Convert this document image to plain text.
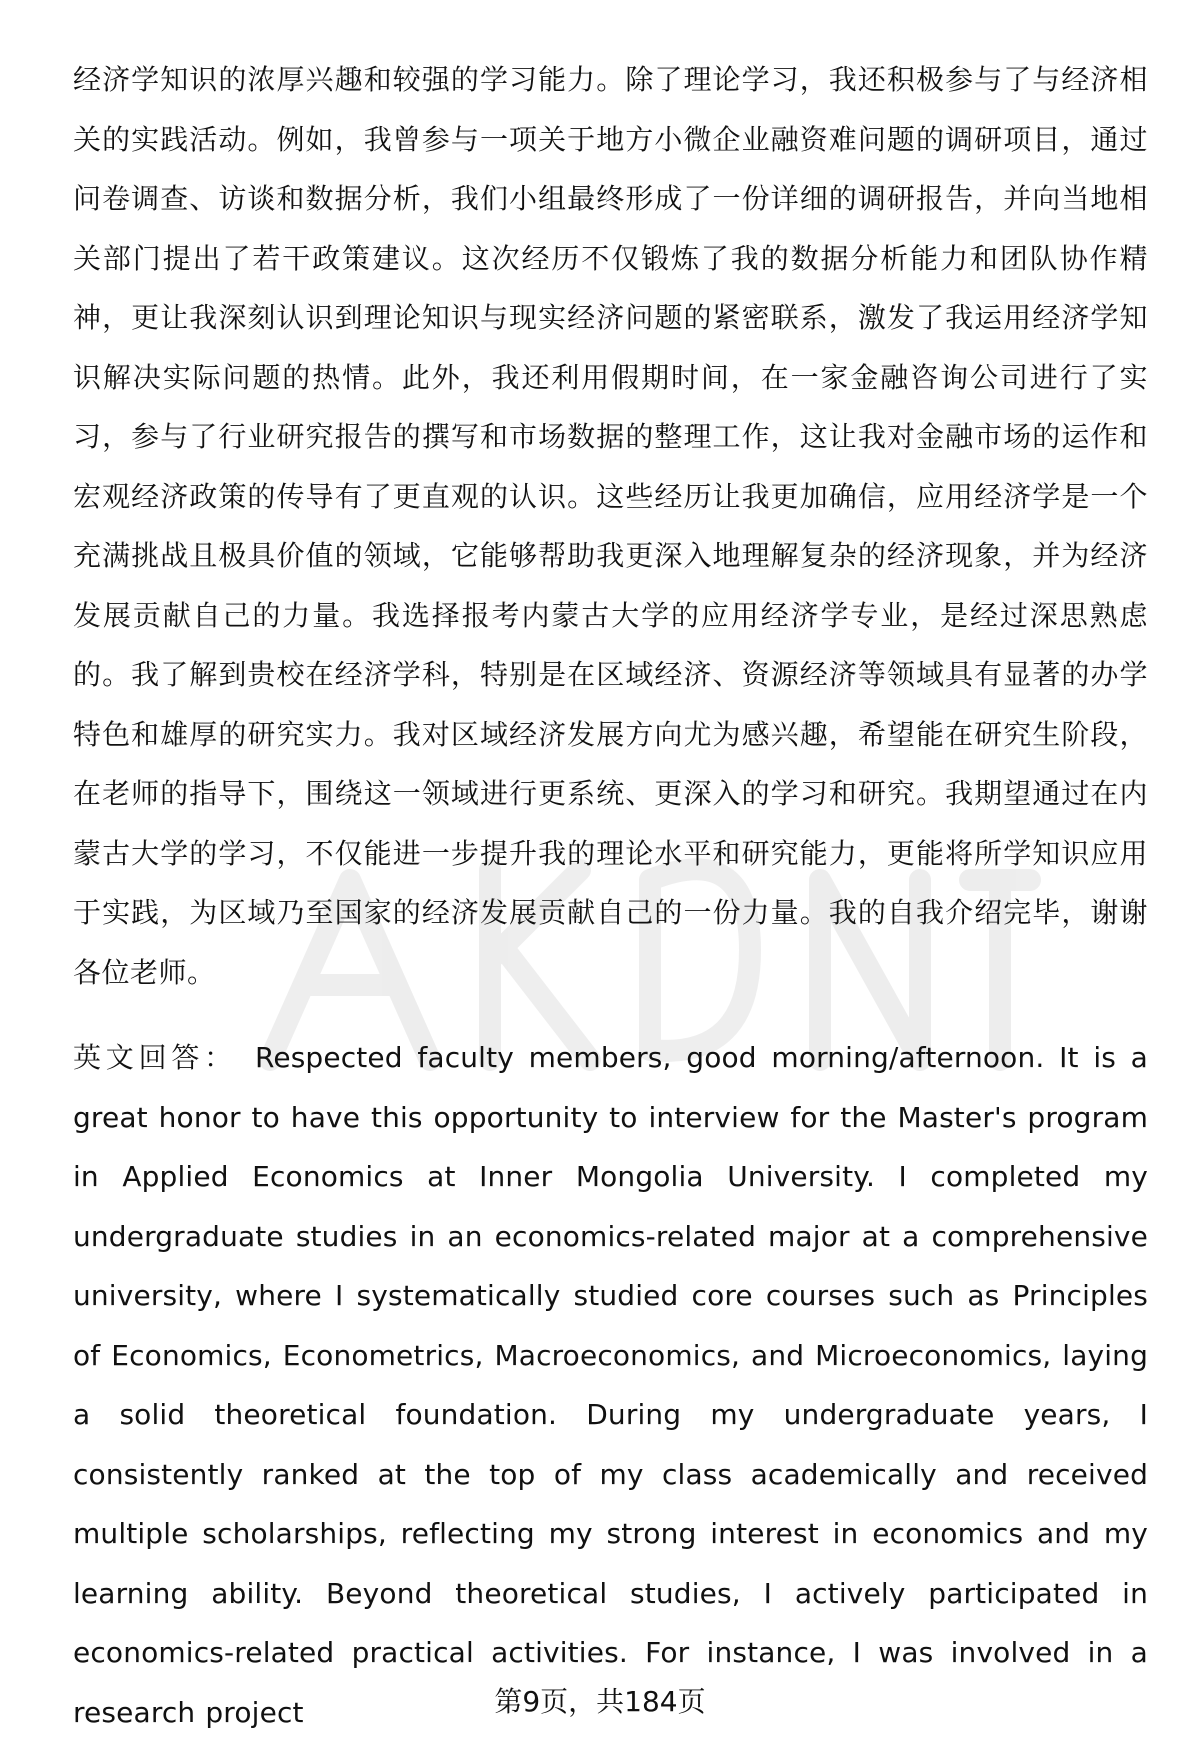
经济学知识的浓厚兴趣和较强的学习能力。除了理论学习，我还积极参与了与经济相关的实践活动。例如，我曾参与一项关于地方小微企业融资难问题的调研项目，通过问卷调查、访谈和数据分析，我们小组最终形成了一份详细的调研报告，并向当地相关部门提出了若干政策建议。这次经历不仅锻炼了我的数据分析能力和团队协作精神，更让我深刻认识到理论知识与现实经济问题的紧密联系，激发了我运用经济学知识解决实际问题的热情。此外，我还利用假期时间，在一家金融咨询公司进行了实习，参与了行业研究报告的撰写和市场数据的整理工作，这让我对金融市场的运作和宏观经济政策的传导有了更直观的认识。这些经历让我更加确信，应用经济学是一个充满挑战且极具价值的领域，它能够帮助我更深入地理解复杂的经济现象，并为经济发展贡献自己的力量。我选择报考内蒙古大学的应用经济学专业，是经过深思熟虑的。我了解到贵校在经济学科，特别是在区域经济、资源经济等领域具有显著的办学特色和雄厚的研究实力。我对区域经济发展方向尤为感兴趣，希望能在研究生阶段，在老师的指导下，围绕这一领域进行更系统、更深入的学习和研究。我期望通过在内蒙古大学的学习，不仅能进一步提升我的理论水平和研究能力，更能将所学知识应用于实践，为区域乃至国家的经济发展贡献自己的一份力量。我的自我介绍完毕，谢谢各位老师。

英文回答： Respected faculty members, good morning/afternoon. It is a great honor to have this opportunity to interview for the Master's program in Applied Economics at Inner Mongolia University. I completed my undergraduate studies in an economics-related major at a comprehensive university, where I systematically studied core courses such as Principles of Economics, Econometrics, Macroeconomics, and Microeconomics, laying a solid theoretical foundation. During my undergraduate years, I consistently ranked at the top of my class academically and received multiple scholarships, reflecting my strong interest in economics and my learning ability. Beyond theoretical studies, I actively participated in economics-related practical activities. For instance, I was involved in a research project	第9页，共184页
